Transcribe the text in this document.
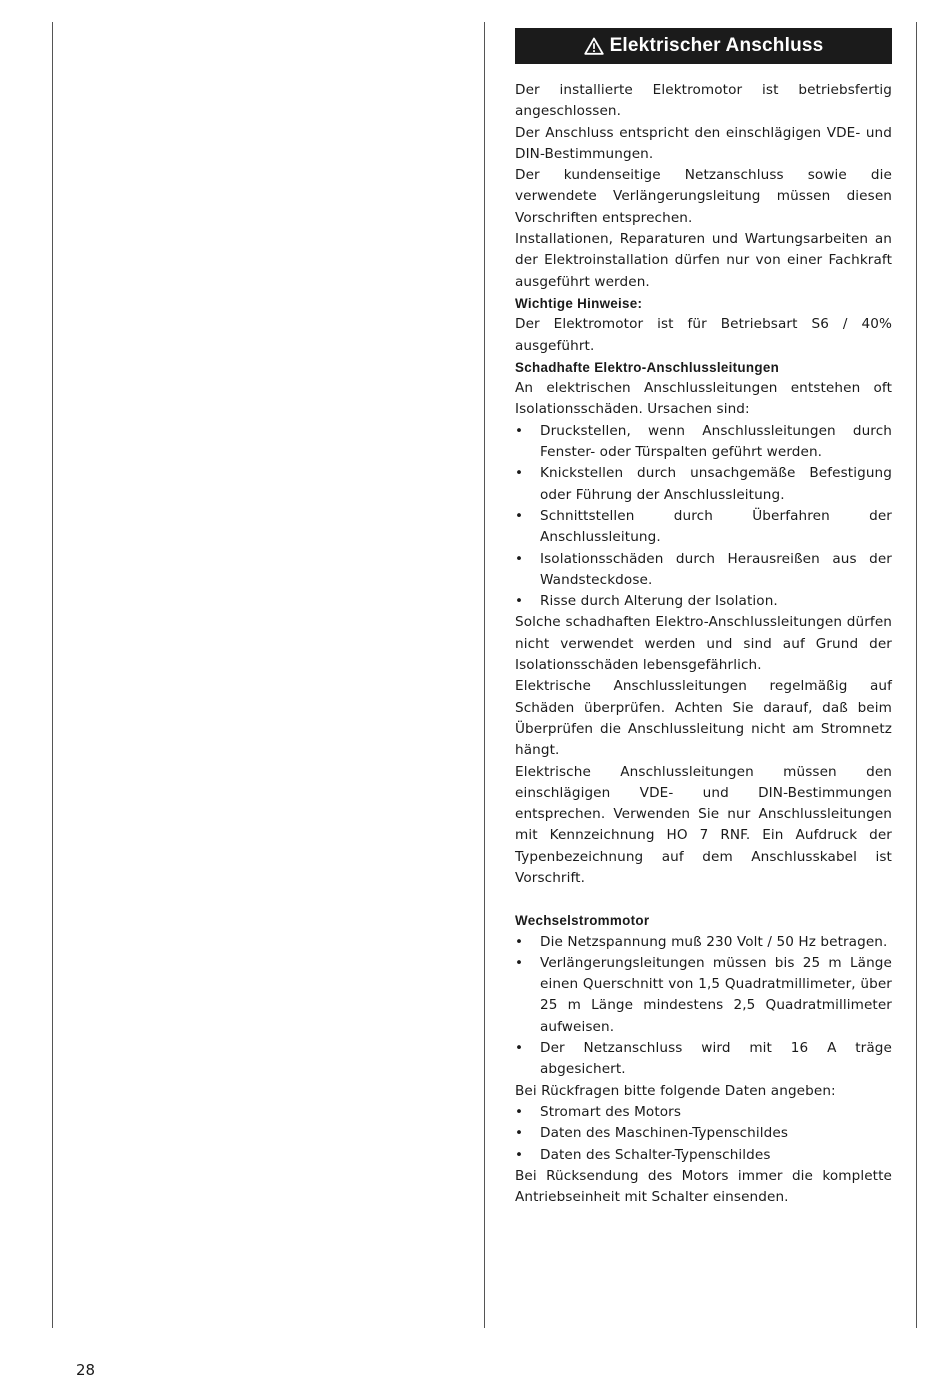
Elektrischer Anschluss

Der installierte Elektromotor ist betriebsfertig angeschlossen.

Der Anschluss entspricht den einschlägigen VDE- und DIN-Bestimmungen.

Der kundenseitige Netzanschluss sowie die verwendete Verlängerungsleitung müssen diesen Vorschriften entsprechen.

Installationen, Reparaturen und Wartungsarbeiten an der Elektroinstallation dürfen nur von einer Fachkraft ausgeführt werden.

Wichtige Hinweise:

Der Elektromotor ist für Betriebsart S6 / 40% ausgeführt.

Schadhafte Elektro-Anschlussleitungen

An elektrischen Anschlussleitungen entstehen oft Isolationsschäden. Ursachen sind:

• Druckstellen, wenn Anschlussleitungen durch Fenster- oder Türspalten geführt werden.
• Knickstellen durch unsachgemäße Befestigung oder Führung der Anschlussleitung.
• Schnittstellen durch Überfahren der Anschlussleitung.
• Isolationsschäden durch Herausreißen aus der Wandsteckdose.
• Risse durch Alterung der Isolation.

Solche schadhaften Elektro-Anschlussleitungen dürfen nicht verwendet werden und sind auf Grund der Isolationsschäden lebensgefährlich.

Elektrische Anschlussleitungen regelmäßig auf Schäden überprüfen. Achten Sie darauf, daß beim Überprüfen die Anschlussleitung nicht am Stromnetz hängt.

Elektrische Anschlussleitungen müssen den einschlägigen VDE- und DIN-Bestimmungen entsprechen. Verwenden Sie nur Anschlussleitungen mit Kennzeichnung HO 7 RNF. Ein Aufdruck der Typenbezeichnung auf dem Anschlusskabel ist Vorschrift.

Wechselstrommotor

• Die Netzspannung muß 230 Volt / 50 Hz betragen.
• Verlängerungsleitungen müssen bis 25 m Länge einen Querschnitt von 1,5 Quadratmillimeter, über 25 m Länge mindestens 2,5 Quadratmillimeter aufweisen.
• Der Netzanschluss wird mit 16 A träge abgesichert.

Bei Rückfragen bitte folgende Daten angeben:

• Stromart des Motors
• Daten des Maschinen-Typenschildes
• Daten des Schalter-Typenschildes

Bei Rücksendung des Motors immer die komplette Antriebseinheit mit Schalter einsenden.

28
